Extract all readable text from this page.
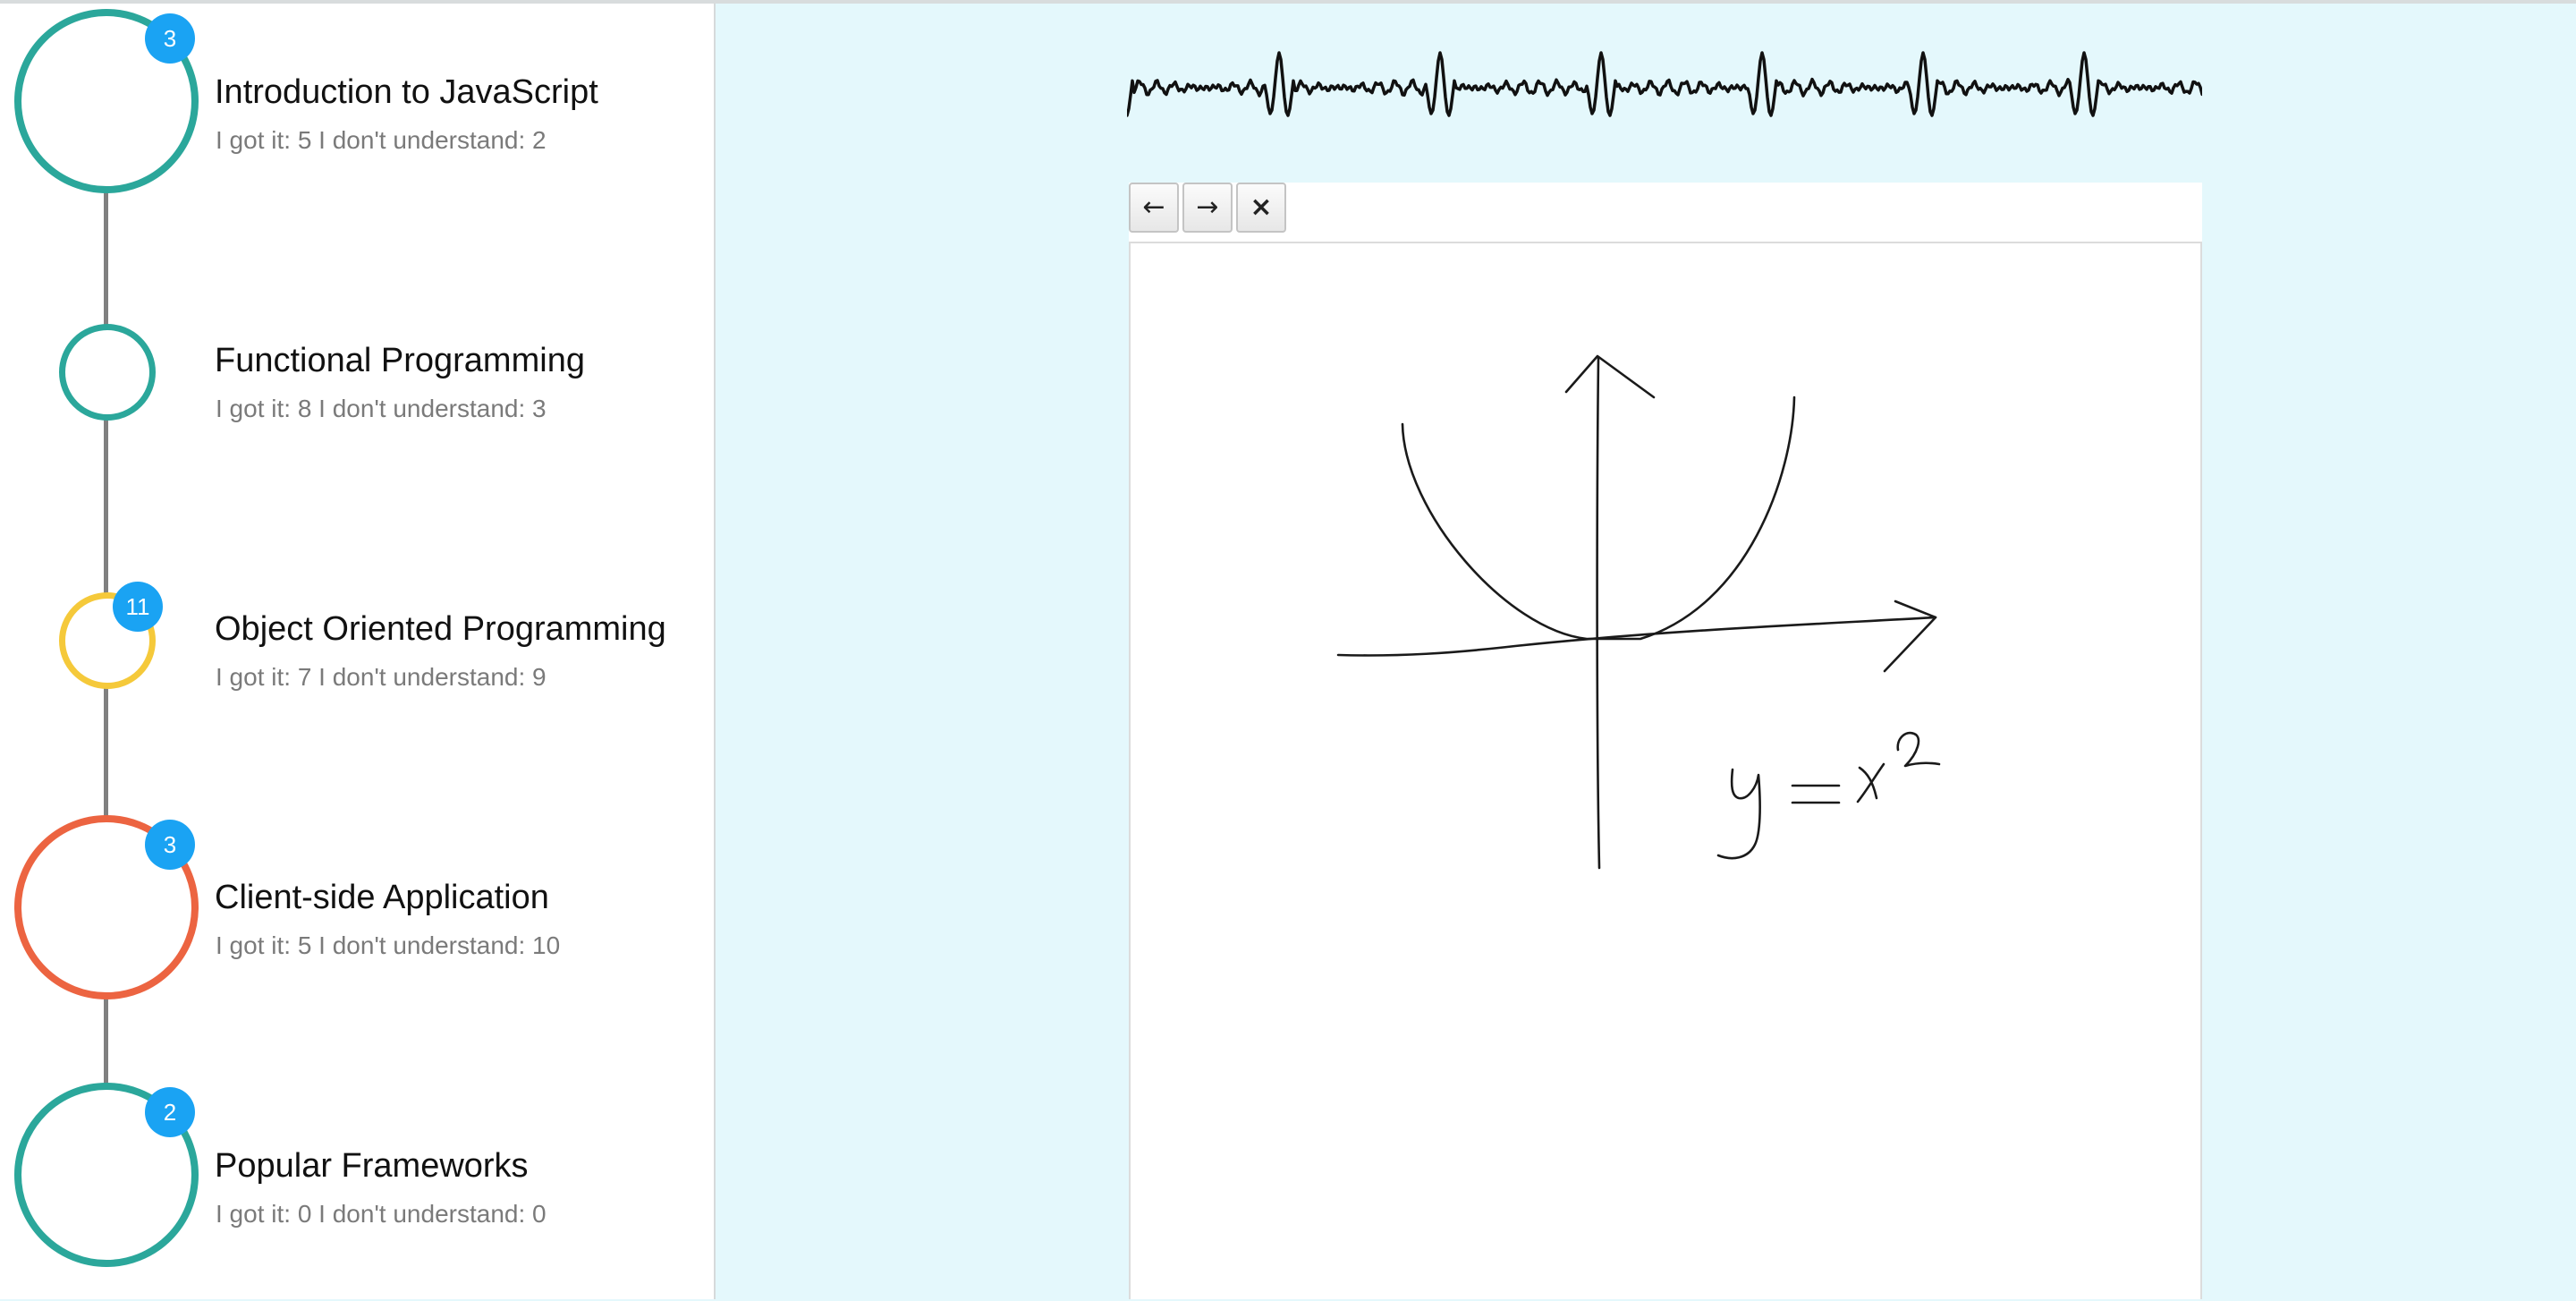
3
Introduction to JavaScript
I got it: 5 I don't understand: 2
Functional Programming
I got it: 8 I don't understand: 3
11
Object Oriented Programming
I got it: 7 I don't understand: 9
3
Client-side Application
I got it: 5 I don't understand: 10
2
Popular Frameworks
I got it: 0 I don't understand: 0
←	→	×
